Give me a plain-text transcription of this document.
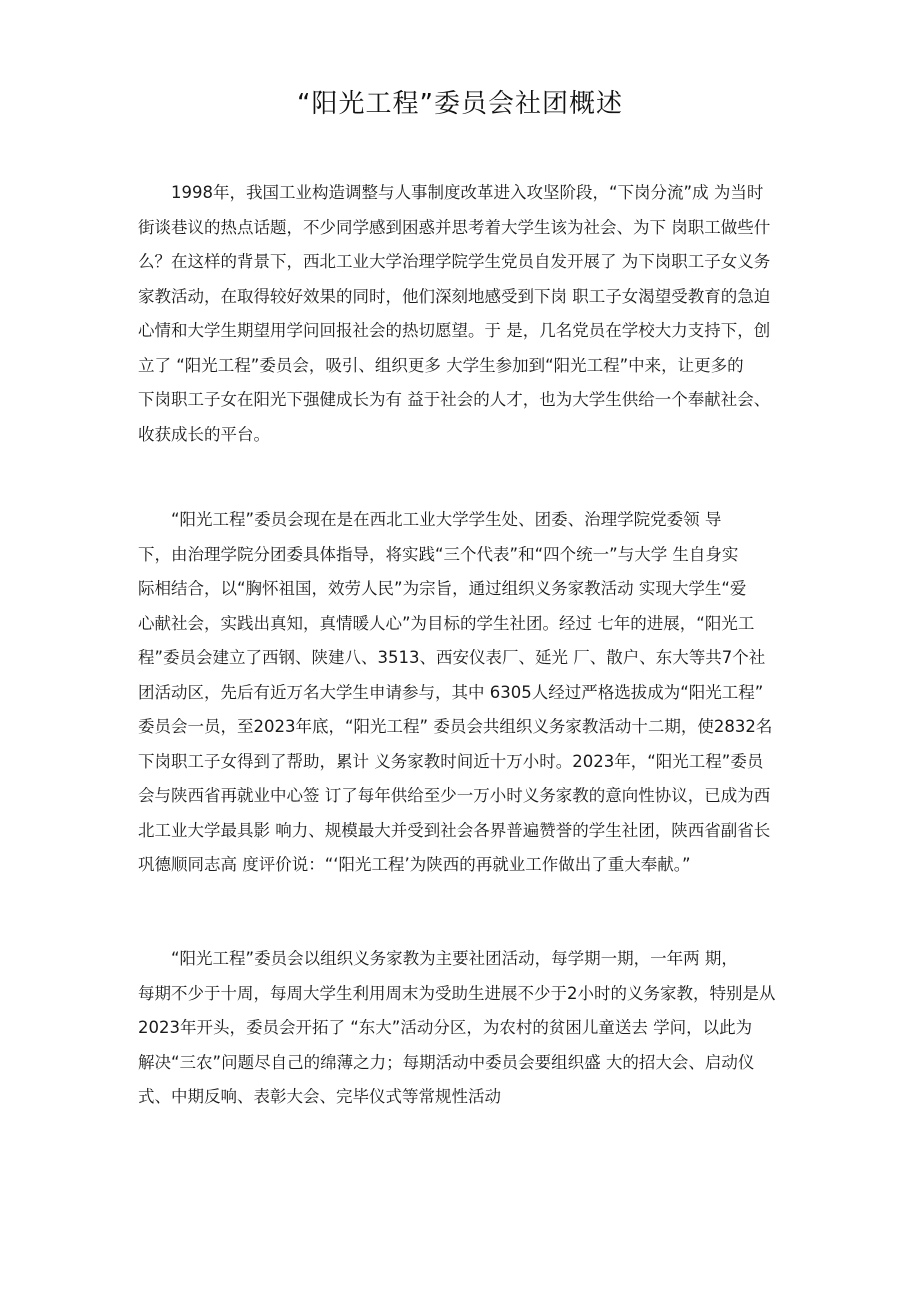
“阳光工程”委员会社团概述
1998年，我国工业构造调整与人事制度改革进入攻坚阶段，“下岗分流”成 为当时
街谈巷议的热点话题，不少同学感到困惑并思考着大学生该为社会、为下 岗职工做些什
么？在这样的背景下，西北工业大学治理学院学生党员自发开展了 为下岗职工子女义务
家教活动，在取得较好效果的同时，他们深刻地感受到下岗 职工子女渴望受教育的急迫
心情和大学生期望用学问回报社会的热切愿望。于 是，几名党员在学校大力支持下，创
立了 “阳光工程”委员会，吸引、组织更多 大学生参加到“阳光工程”中来，让更多的
下岗职工子女在阳光下强健成长为有 益于社会的人才，也为大学生供给一个奉献社会、
收获成长的平台。
“阳光工程”委员会现在是在西北工业大学学生处、团委、治理学院党委领 导
下，由治理学院分团委具体指导，将实践“三个代表”和“四个统一”与大学 生自身实
际相结合，以“胸怀祖国，效劳人民”为宗旨，通过组织义务家教活动 实现大学生“爱
心献社会，实践出真知，真情暖人心”为目标的学生社团。经过 七年的进展，“阳光工
程”委员会建立了西钢、陕建八、3513、西安仪表厂、延光 厂、散户、东大等共7个社
团活动区，先后有近万名大学生申请参与，其中 6305人经过严格选拔成为“阳光工程”
委员会一员，至2023年底，“阳光工程” 委员会共组织义务家教活动十二期，使2832名
下岗职工子女得到了帮助，累计 义务家教时间近十万小时。2023年，“阳光工程”委员
会与陕西省再就业中心签 订了每年供给至少一万小时义务家教的意向性协议，已成为西
北工业大学最具影 响力、规模最大并受到社会各界普遍赞誉的学生社团，陕西省副省长
巩德顺同志高 度评价说：“‘阳光工程’为陕西的再就业工作做出了重大奉献。”
“阳光工程”委员会以组织义务家教为主要社团活动，每学期一期，一年两 期，
每期不少于十周，每周大学生利用周末为受助生进展不少于2小时的义务家教，特别是从
2023年开头，委员会开拓了 “东大”活动分区，为农村的贫困儿童送去 学问，以此为
解决“三农”问题尽自己的绵薄之力；每期活动中委员会要组织盛 大的招大会、启动仪
式、中期反响、表彰大会、完毕仪式等常规性活动
